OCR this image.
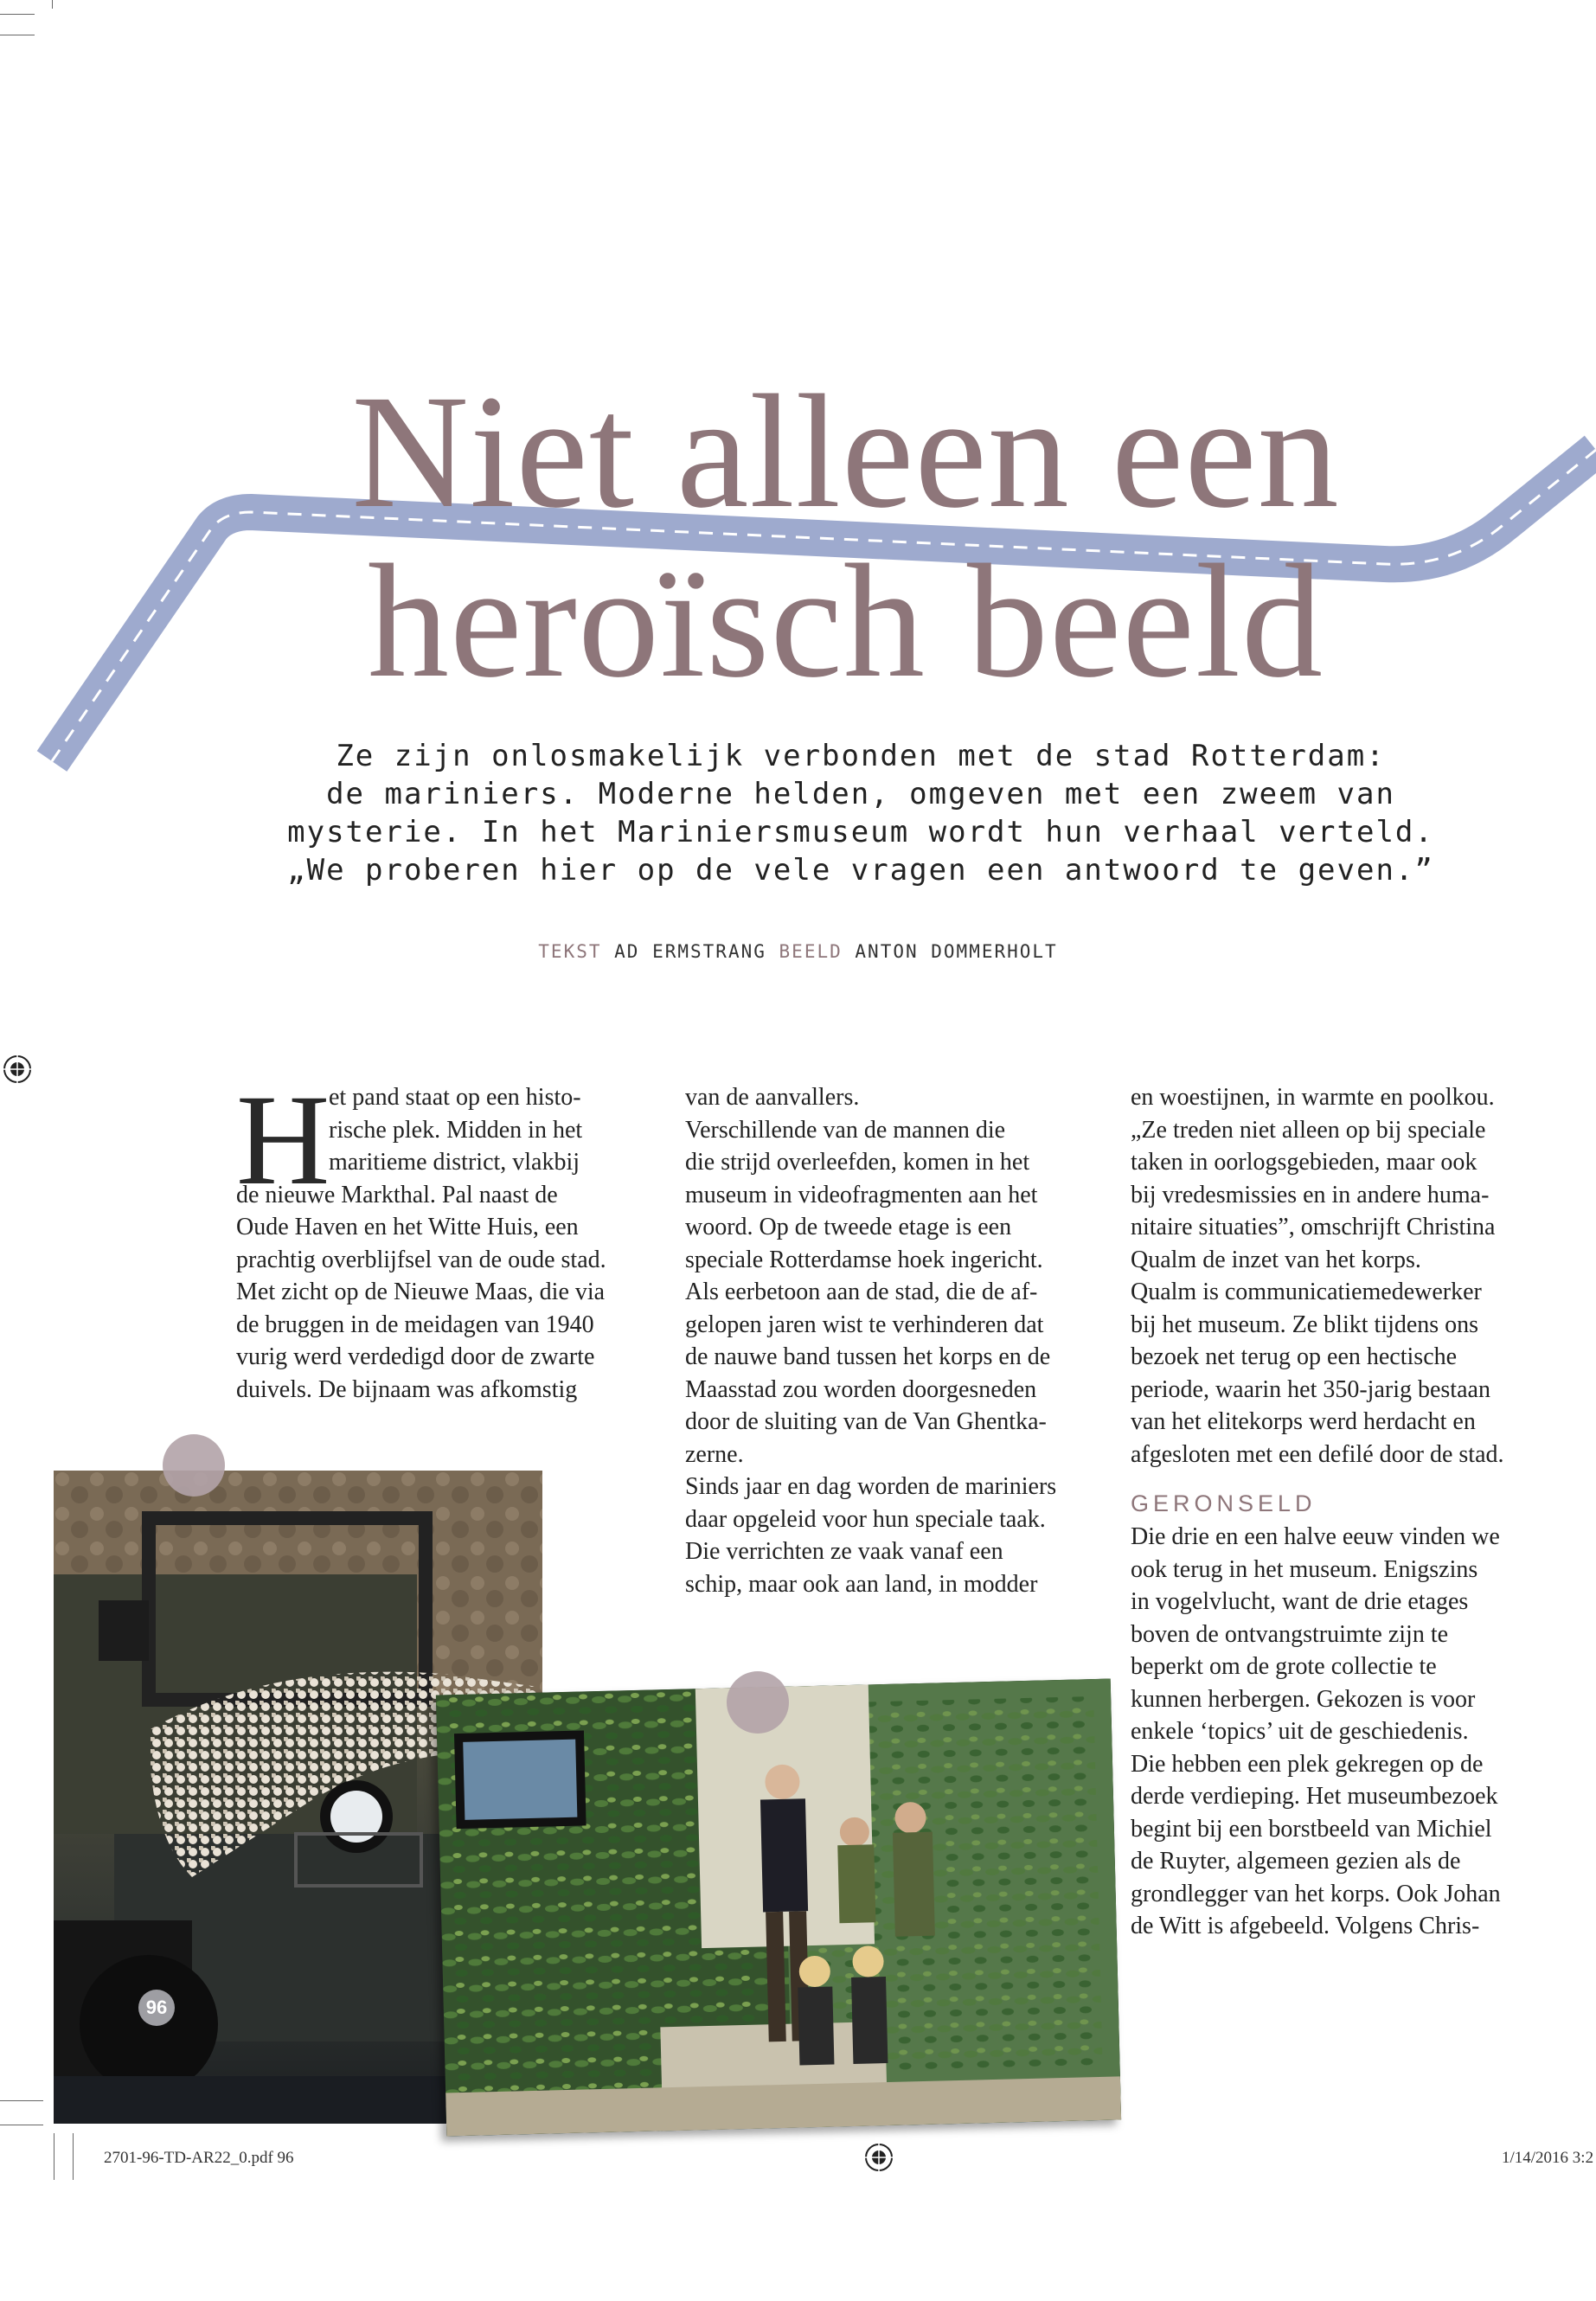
Niet alleen een
heroïsch beeld
Ze zijn onlosmakelijk verbonden met de stad Rotterdam:
de mariniers. Moderne helden, omgeven met een zweem van
mysterie. In het Mariniersmuseum wordt hun verhaal verteld.
„We proberen hier op de vele vragen een antwoord te geven.”
TEKST AD ERMSTRANG BEELD ANTON DOMMERHOLT
H

et pand staat op een histo-

rische plek. Midden in het

maritieme district, vlakbij

de nieuwe Markthal. Pal naast de

Oude Haven en het Witte Huis, een

prachtig overblijfsel van de oude stad.

Met zicht op de Nieuwe Maas, die via

de bruggen in de meidagen van 1940

vurig werd verdedigd door de zwarte

duivels. De bijnaam was afkomstig

van de aanvallers.

Verschillende van de mannen die

die strijd overleefden, komen in het

museum in videofragmenten aan het

woord. Op de tweede etage is een

speciale Rotterdamse hoek ingericht.

Als eerbetoon aan de stad, die de af-

gelopen jaren wist te verhinderen dat

de nauwe band tussen het korps en de

Maasstad zou worden doorgesneden

door de sluiting van de Van Ghentka-

zerne.

Sinds jaar en dag worden de mariniers

daar opgeleid voor hun speciale taak.

Die verrichten ze vaak vanaf een

schip, maar ook aan land, in modder

en woestijnen, in warmte en poolkou.

„Ze treden niet alleen op bij speciale

taken in oorlogsgebieden, maar ook

bij vredesmissies en in andere huma-

nitaire situaties”, omschrijft Christina

Qualm de inzet van het korps.

Qualm is communicatiemedewerker

bij het museum. Ze blikt tijdens ons

bezoek net terug op een hectische

periode, waarin het 350-jarig bestaan

van het elitekorps werd herdacht en

afgesloten met een defilé door de stad.

GERONSELD

Die drie en een halve eeuw vinden we

ook terug in het museum. Enigszins

in vogelvlucht, want de drie etages

boven de ontvangstruimte zijn te

beperkt om de grote collectie te

kunnen herbergen. Gekozen is voor

enkele ‘topics’ uit de geschiedenis.

Die hebben een plek gekregen op de

derde verdieping. Het museumbezoek

begint bij een borstbeeld van Michiel

de Ruyter, algemeen gezien als de

grondlegger van het korps. Ook Johan

de Witt is afgebeeld. Volgens Chris-

96
2701-96-TD-AR22_0.pdf 96	1/14/2016 3:2
